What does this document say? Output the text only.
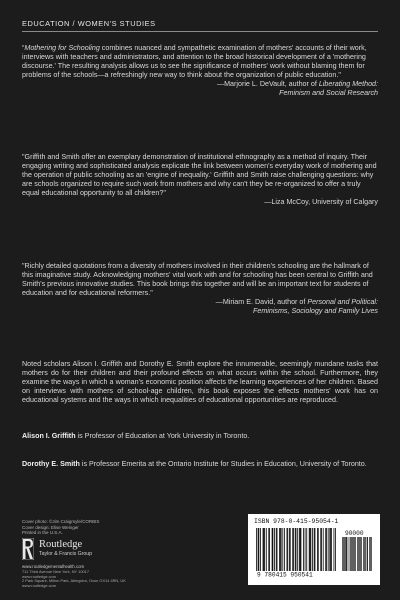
EDUCATION / WOMEN'S STUDIES

“Mothering for Schooling combines nuanced and sympathetic examination of mothers' accounts of their work, interviews with teachers and administrators, and attention to the broad historical development of a 'mothering discourse.' The resulting analysis allows us to see the significance of mothers' work without blaming them for problems of the schools—a refreshingly new way to think about the organization of public education."

—Marjorie L. DeVault, author of Liberating Method:

Feminism and Social Research

"Griffith and Smith offer an exemplary demonstration of institutional ethnography as a method of inquiry. Their engaging writing and sophisticated analysis explicate the link between women's everyday work of mothering and the operation of public schooling as an 'engine of inequality.' Griffith and Smith raise challenging questions: why are schools organized to require such work from mothers and why can't they be re-organized to offer a truly equal educational opportunity to all children?"

—Liza McCoy, University of Calgary

"Richly detailed quotations from a diversity of mothers involved in their children's schooling are the hallmark of this imaginative study. Acknowledging mothers' vital work with and for schooling has been central to Griffith and Smith's previous innovative studies. This book brings this together and will be an important text for students of education and for educational reformers."

—Miriam E. David, author of Personal and Political:

Feminisms, Sociology and Family Lives

Noted scholars Alison I. Griffith and Dorothy E. Smith explore the innumerable, seemingly mundane tasks that mothers do for their children and their profound effects on what occurs within the school. Furthermore, they examine the ways in which a woman's economic position affects the learning experiences of her children. Based on interviews with mothers of school-age children, this book exposes the effects mothers' work has on educational systems and the ways in which inequalities of educational opportunities are reproduced.
Alison I. Griffith is Professor of Education at York University in Toronto.
Dorothy E. Smith is Professor Emerita at the Ontario Institute for Studies in Education, University of Toronto.
Cover photo: ©Jim Craigmyle/CORBIS
Cover design: Elise Weinger
Printed in the U.S.A.
Routledge
Taylor & Francis Group
www.routledgementalhealth.com
711 Third Avenue New York, NY 10017
www.routledge.com
2 Park Square, Milton Park, Abingdon, Oxon OX14 4RN, UK
www.routledge.com
ISBN 978-0-415-95054-1
9 780415 950541
90000
